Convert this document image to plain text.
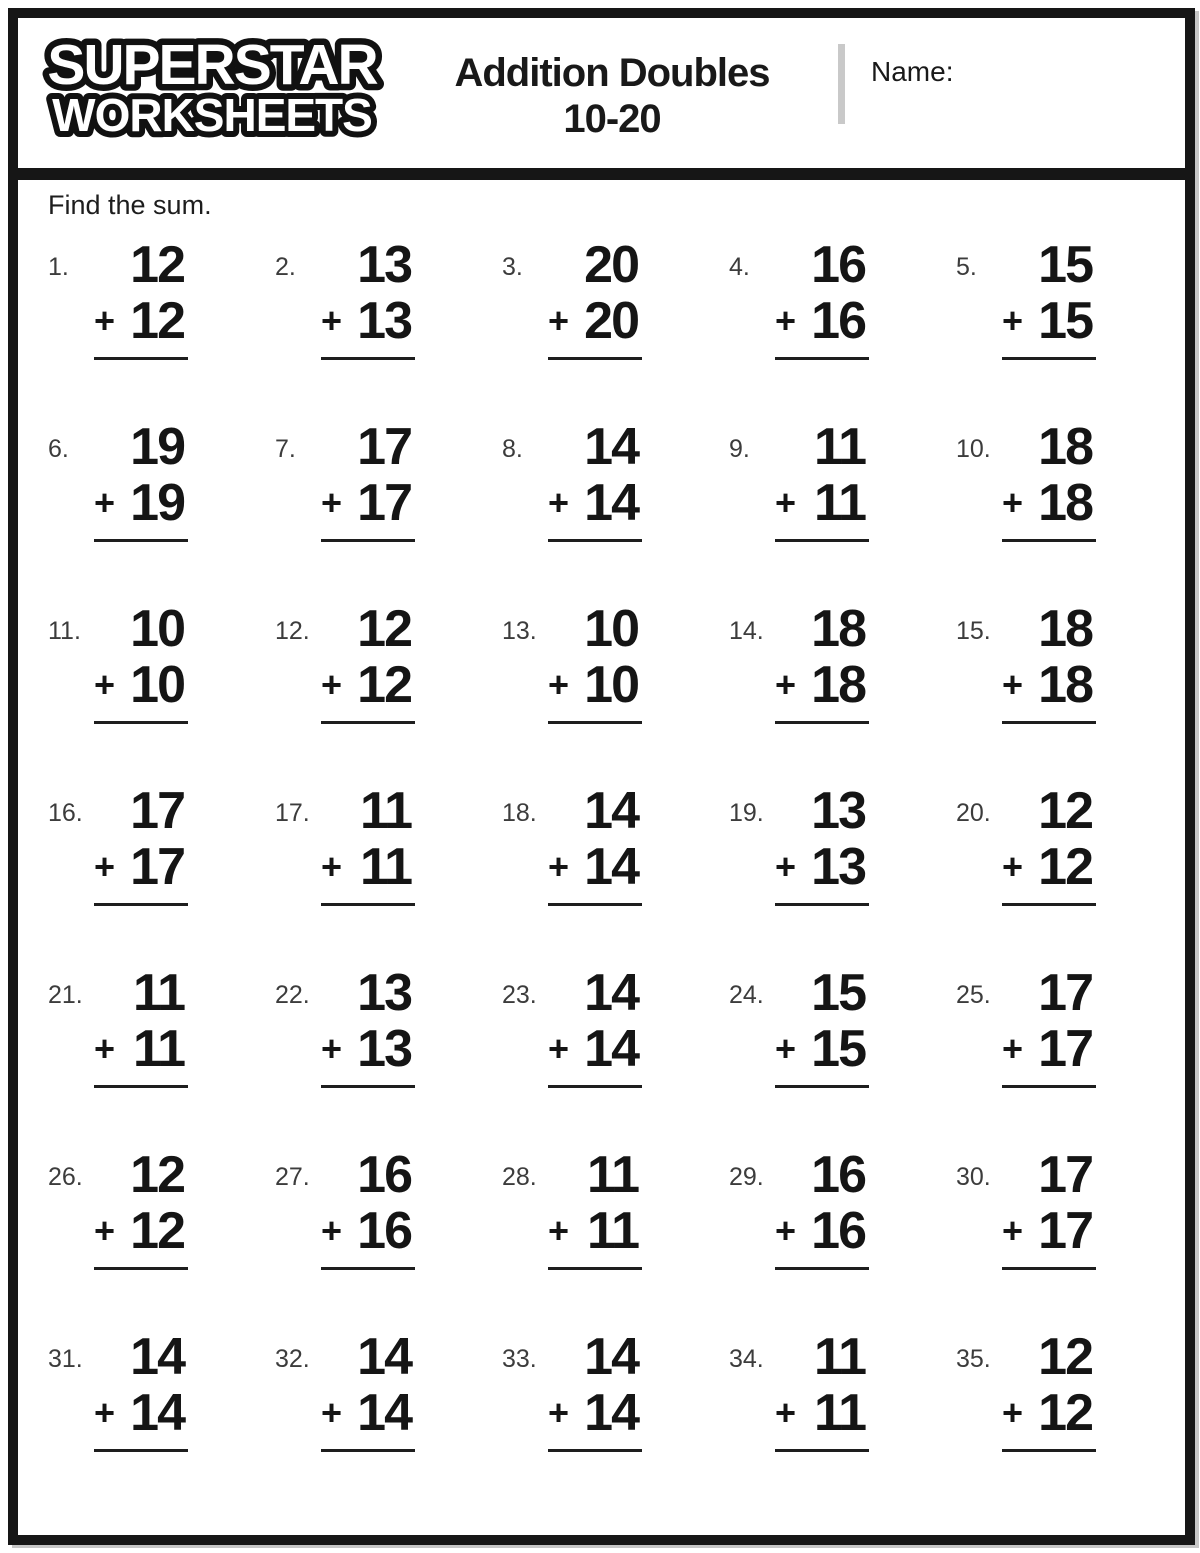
SUPERSTAR
WORKSHEETS
Addition Doubles
10-20
Name:
Find the sum.
1.	12
+ 12
2.	13
+ 13
3.	20
+ 20
4.	16
+ 16
5.	15
+ 15
6.	19
+ 19
7.	17
+ 17
8.	14
+ 14
9.	11
+ 11
10. 18
+ 18
11. 10
+ 10
12. 12
+ 12
13. 10
+ 10
14. 18
+ 18
15. 18
+ 18
16. 17
+ 17
17. 11
+ 11
18. 14
+ 14
19. 13
+ 13
20. 12
+ 12
21. 11
+ 11
22. 13
+ 13
23. 14
+ 14
24. 15
+ 15
25. 17
+ 17
26. 12
+ 12
27. 16
+ 16
28. 11
+ 11
29. 16
+ 16
30. 17
+ 17
31. 14
+ 14
32. 14
+ 14
33. 14
+ 14
34. 11
+ 11
35. 12
+ 12
